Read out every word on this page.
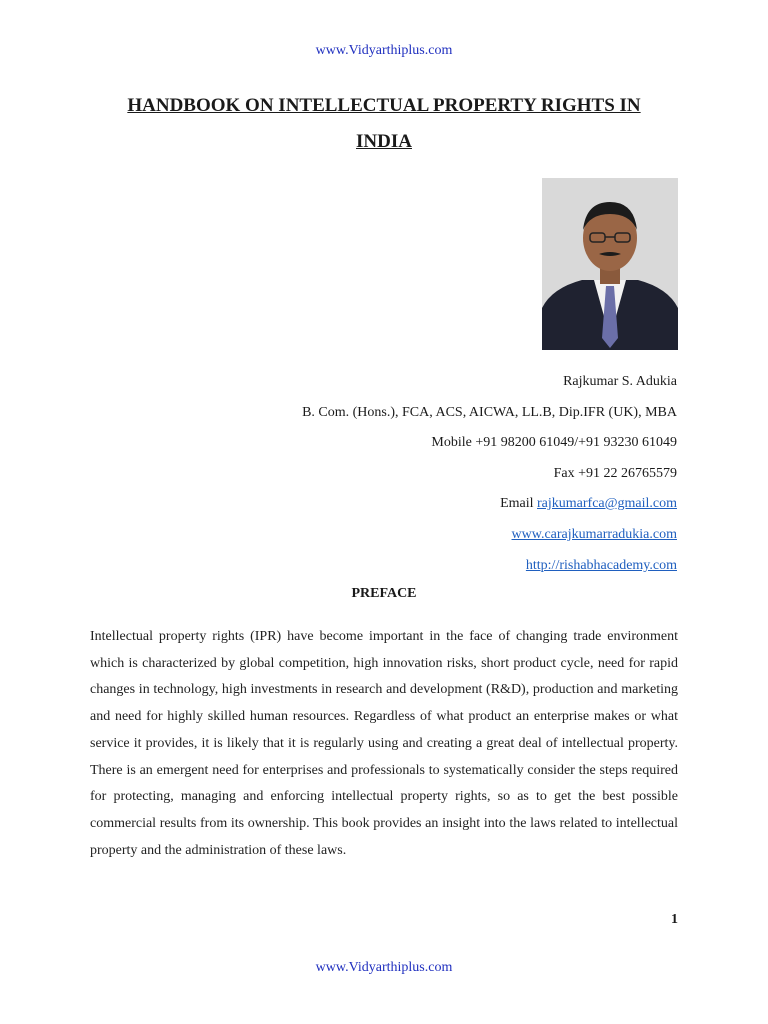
www.Vidyarthiplus.com
HANDBOOK ON INTELLECTUAL PROPERTY RIGHTS IN
INDIA
Rajkumar S. Adukia
B. Com. (Hons.), FCA, ACS, AICWA, LL.B, Dip.IFR (UK), MBA
Mobile +91 98200 61049/+91 93230 61049
Fax +91 22 26765579
Email rajkumarfca@gmail.com
www.carajkumarradukia.com
http://rishabhacademy.com
PREFACE
Intellectual property rights (IPR) have become important in the face of changing trade environment which is characterized by global competition, high innovation risks, short product cycle, need for rapid changes in technology, high investments in research and development (R&D), production and marketing and need for highly skilled human resources. Regardless of what product an enterprise makes or what service it provides, it is likely that it is regularly using and creating a great deal of intellectual property. There is an emergent need for enterprises and professionals to systematically consider the steps required for protecting, managing and enforcing intellectual property rights, so as to get the best possible commercial results from its ownership. This book provides an insight into the laws related to intellectual property and the administration of these laws.
1
www.Vidyarthiplus.com
